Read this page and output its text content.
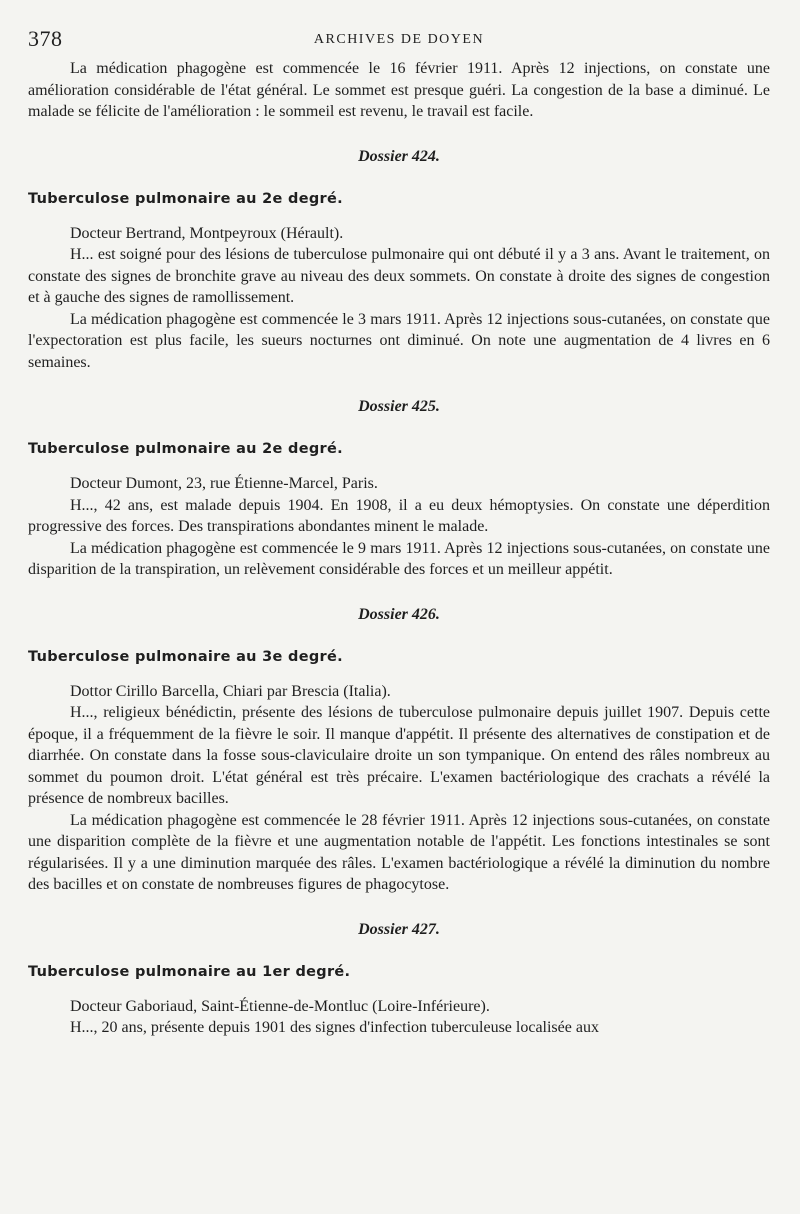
378	ARCHIVES DE DOYEN

La médication phagogène est commencée le 16 février 1911. Après 12 injections, on constate une amélioration considérable de l'état général. Le sommet est presque guéri. La congestion de la base a diminué. Le malade se félicite de l'amélioration : le sommeil est revenu, le travail est facile.

Dossier 424.
Tuberculose pulmonaire au 2e degré.

Docteur Bertrand, Montpeyroux (Hérault).

H... est soigné pour des lésions de tuberculose pulmonaire qui ont débuté il y a 3 ans. Avant le traitement, on constate des signes de bronchite grave au niveau des deux sommets. On constate à droite des signes de congestion et à gauche des signes de ramollissement.

La médication phagogène est commencée le 3 mars 1911. Après 12 injections sous-cutanées, on constate que l'expectoration est plus facile, les sueurs nocturnes ont diminué. On note une augmentation de 4 livres en 6 semaines.

Dossier 425.
Tuberculose pulmonaire au 2e degré.

Docteur Dumont, 23, rue Étienne-Marcel, Paris.

H..., 42 ans, est malade depuis 1904. En 1908, il a eu deux hémoptysies. On constate une déperdition progressive des forces. Des transpirations abondantes minent le malade.

La médication phagogène est commencée le 9 mars 1911. Après 12 injections sous-cutanées, on constate une disparition de la transpiration, un relèvement considérable des forces et un meilleur appétit.

Dossier 426.
Tuberculose pulmonaire au 3e degré.

Dottor Cirillo Barcella, Chiari par Brescia (Italia).

H..., religieux bénédictin, présente des lésions de tuberculose pulmonaire depuis juillet 1907. Depuis cette époque, il a fréquemment de la fièvre le soir. Il manque d'appétit. Il présente des alternatives de constipation et de diarrhée. On constate dans la fosse sous-claviculaire droite un son tympanique. On entend des râles nombreux au sommet du poumon droit. L'état général est très précaire. L'examen bactériologique des crachats a révélé la présence de nombreux bacilles.

La médication phagogène est commencée le 28 février 1911. Après 12 injections sous-cutanées, on constate une disparition complète de la fièvre et une augmentation notable de l'appétit. Les fonctions intestinales se sont régularisées. Il y a une diminution marquée des râles. L'examen bactériologique a révélé la diminution du nombre des bacilles et on constate de nombreuses figures de phagocytose.

Dossier 427.
Tuberculose pulmonaire au 1er degré.

Docteur Gaboriaud, Saint-Étienne-de-Montluc (Loire-Inférieure).

H..., 20 ans, présente depuis 1901 des signes d'infection tuberculeuse localisée aux
